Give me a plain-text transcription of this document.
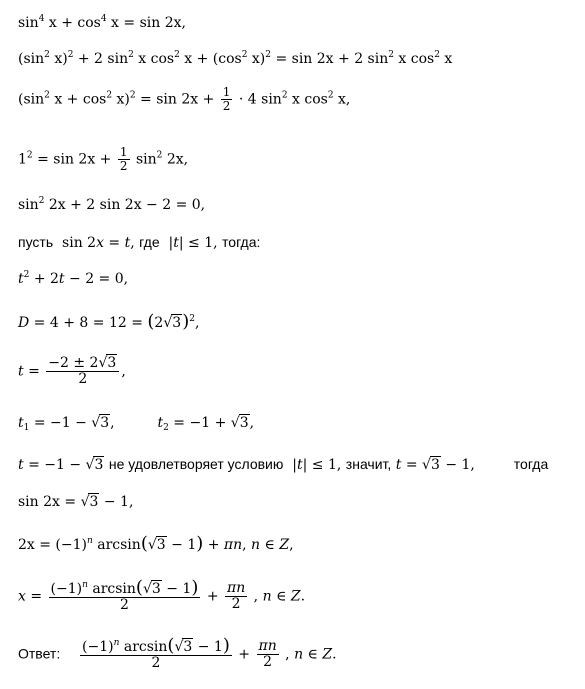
$\sin^4 x + \cos^4 x = \sin 2x$,
($\sin^2$ x)$^2$ + 2 $\sin^2 x$ $\cos^2 x + (\cos^2$ x)$^2$ = sin 2x + 2 $\sin^2 x$ $\cos^2 x$
($\sin^2$ $x + \cos^2 x)^2 = \sin 2x + \frac{1}{2} \cdot 4$ $\sin^2 x$ $\cos^2 x$,
$1^2 = \sin 2x + \frac{1}{2} \sin^2 2x$,
$\sin^2 2x + 2$ sin 2x − 2 = 0,
пусть  sin 2x = t, где  |t| ≤ 1, тогда:
$t^2 + 2t - 2 = 0$,
$D = 4 + 8 = 12 = (2√3)^2$,
$t = \frac{-2 \pm 2√3}{2}$ ,
$t_1 = -1 - √3$,	$t_2 = -1 + √3$,
t = −1 − √3 не удовлетворяет условию  |t| ≤ 1, значит, t = √3 − 1,  тогда
sin 2x = √3 − 1,
$2x = (-1)^n$ arcsin(√3 − 1) + πn, n ∈ Z,
$x = \frac{(-1)^n \arcsin(√3 - 1)}{2} + \frac{\pi n}{2}$ , n ∈ Z.
Ответ: $\frac{(-1)^n \arcsin(√3 - 1)}{2} + \frac{\pi n}{2}$ , n ∈ Z.
